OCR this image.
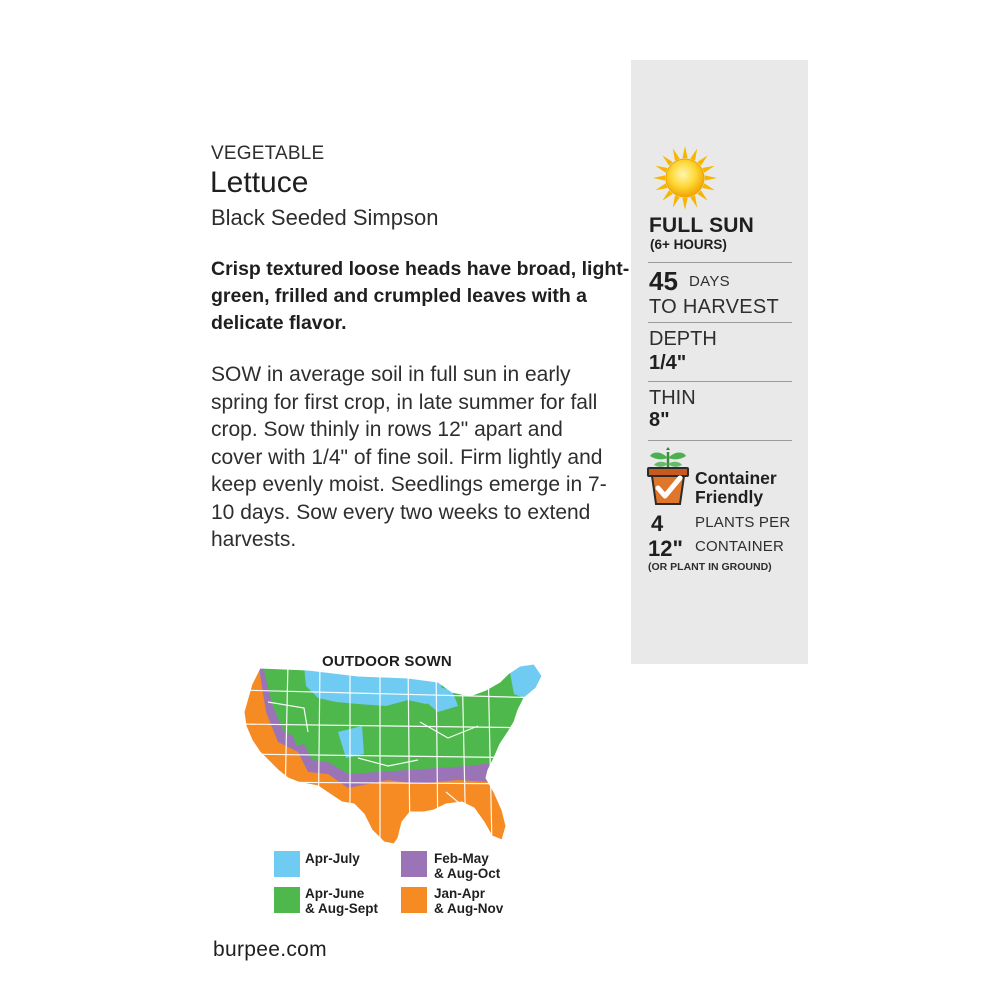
VEGETABLE
Lettuce
Black Seeded Simpson
Crisp textured loose heads have broad, light-green, frilled and crumpled leaves with a delicate flavor.
SOW in average soil in full sun in early spring for first crop, in late summer for fall crop. Sow thinly in rows 12" apart and cover with 1/4" of fine soil. Firm lightly and keep evenly moist. Seedlings emerge in 7-10 days. Sow every two weeks to extend harvests.
FULL SUN
(6+ HOURS)
45 DAYS
TO HARVEST
DEPTH
1/4"
THIN
8"
Container Friendly
4 PLANTS PER
12" CONTAINER
(OR PLANT IN GROUND)
OUTDOOR SOWN
Apr-July	Feb-May
& Aug-Oct
Apr-June
& Aug-Sept
Jan-Apr
& Aug-Nov
burpee.com
